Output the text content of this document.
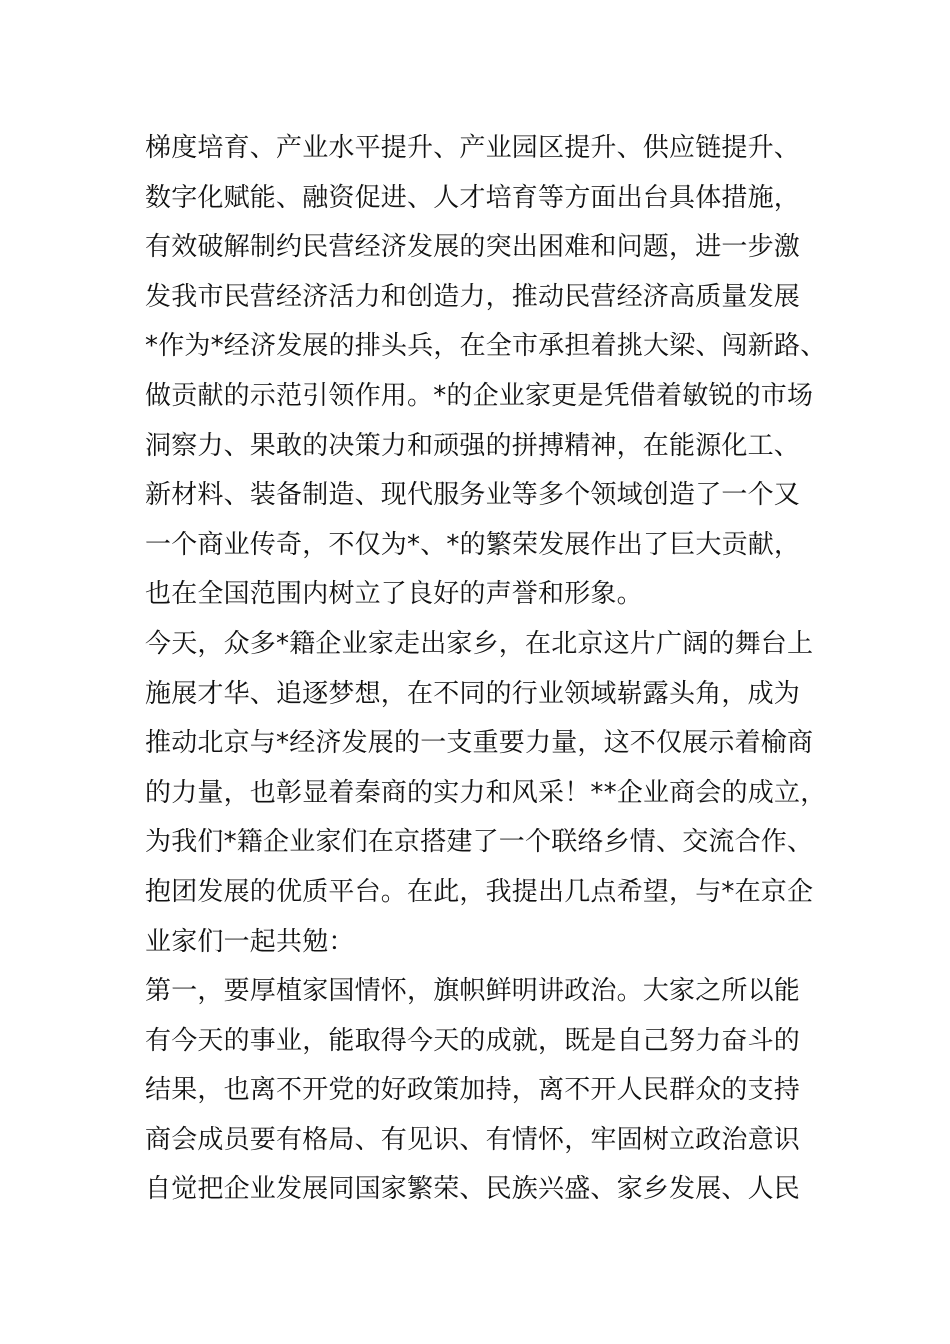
梯度培育、产业水平提升、产业园区提升、供应链提升、
数字化赋能、融资促进、人才培育等方面出台具体措施，
有效破解制约民营经济发展的突出困难和问题，进一步激
发我市民营经济活力和创造力，推动民营经济高质量发展
*作为*经济发展的排头兵，在全市承担着挑大梁、闯新路、
做贡献的示范引领作用。*的企业家更是凭借着敏锐的市场
洞察力、果敢的决策力和顽强的拼搏精神，在能源化工、
新材料、装备制造、现代服务业等多个领域创造了一个又
一个商业传奇，不仅为*、*的繁荣发展作出了巨大贡献，
也在全国范围内树立了良好的声誉和形象。
今天，众多*籍企业家走出家乡，在北京这片广阔的舞台上
施展才华、追逐梦想，在不同的行业领域崭露头角，成为
推动北京与*经济发展的一支重要力量，这不仅展示着榆商
的力量，也彰显着秦商的实力和风采！**企业商会的成立，
为我们*籍企业家们在京搭建了一个联络乡情、交流合作、
抱团发展的优质平台。在此，我提出几点希望，与*在京企
业家们一起共勉：
第一，要厚植家国情怀，旗帜鲜明讲政治。大家之所以能
有今天的事业，能取得今天的成就，既是自己努力奋斗的
结果，也离不开党的好政策加持，离不开人民群众的支持
商会成员要有格局、有见识、有情怀，牢固树立政治意识
自觉把企业发展同国家繁荣、民族兴盛、家乡发展、人民
